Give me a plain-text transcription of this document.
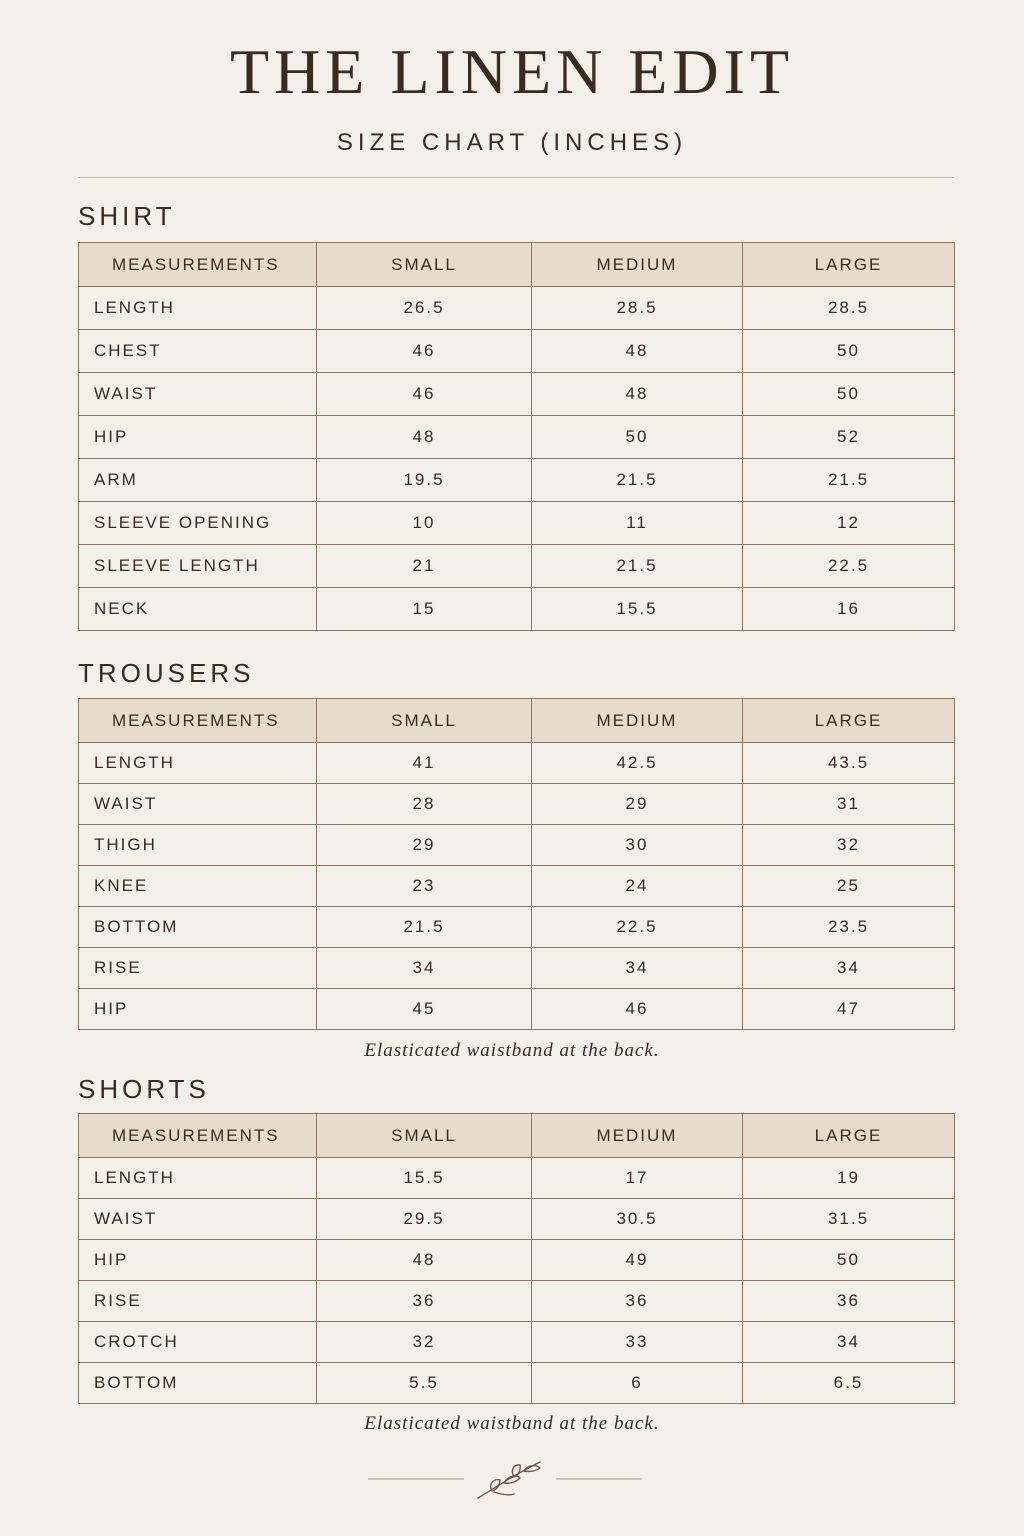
THE LINEN EDIT
SIZE CHART (INCHES)
SHIRT
MEASUREMENTS	SMALL	MEDIUM	LARGE
LENGTH	26.5	28.5	28.5
CHEST	46	48	50
WAIST	46	48	50
HIP	48	50	52
ARM	19.5	21.5	21.5
SLEEVE OPENING	10	11	12
SLEEVE LENGTH	21	21.5	22.5
NECK	15	15.5	16
TROUSERS
MEASUREMENTS	SMALL	MEDIUM	LARGE
LENGTH	41	42.5	43.5
WAIST	28	29	31
THIGH	29	30	32
KNEE	23	24	25
BOTTOM	21.5	22.5	23.5
RISE	34	34	34
HIP	45	46	47
Elasticated waistband at the back.
SHORTS
MEASUREMENTS	SMALL	MEDIUM	LARGE
LENGTH	15.5	17	19
WAIST	29.5	30.5	31.5
HIP	48	49	50
RISE	36	36	36
CROTCH	32	33	34
BOTTOM	5.5	6	6.5
Elasticated waistband at the back.
